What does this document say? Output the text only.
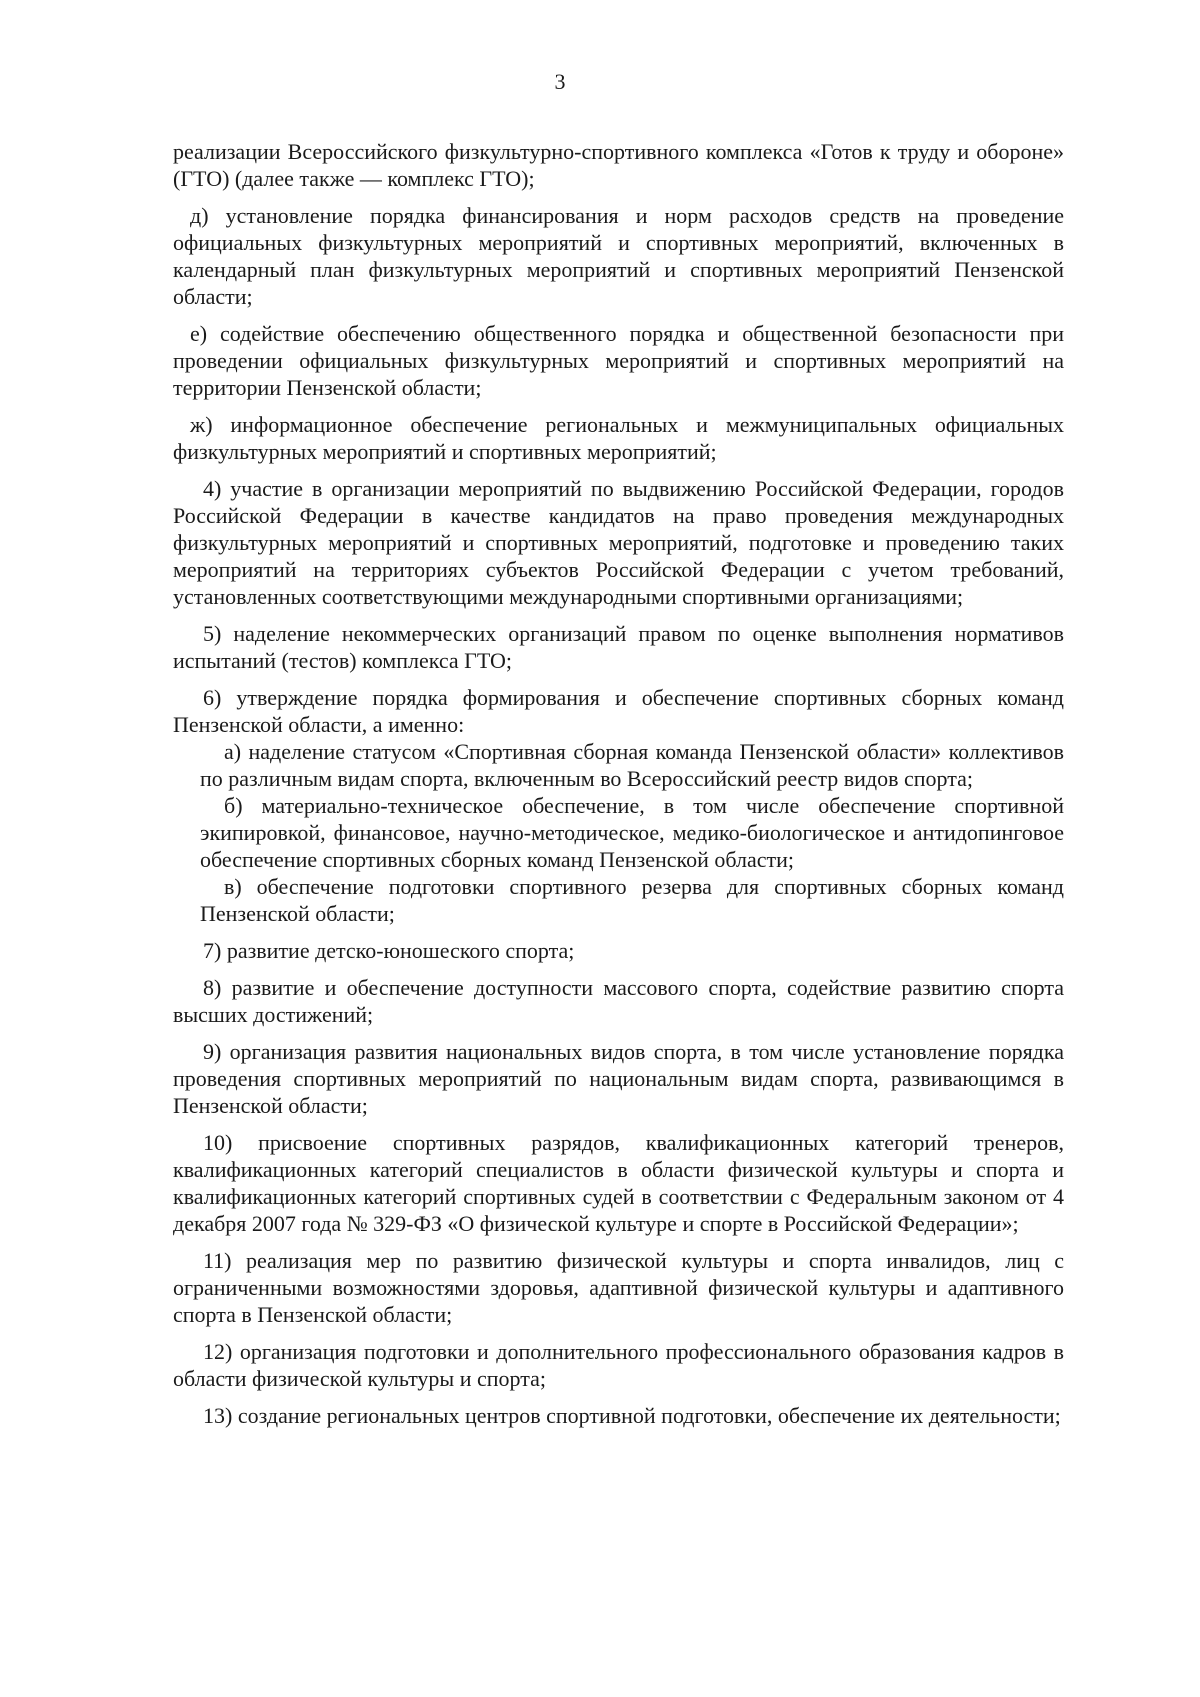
3

реализации Всероссийского физкультурно-спортивного комплекса «Готов к труду и обороне» (ГТО) (далее также — комплекс ГТО);

д) установление порядка финансирования и норм расходов средств на проведение официальных физкультурных мероприятий и спортивных мероприятий, включенных в календарный план физкультурных мероприятий и спортивных мероприятий Пензенской области;

е) содействие обеспечению общественного порядка и общественной безопасности при проведении официальных физкультурных мероприятий и спортивных мероприятий на территории Пензенской области;

ж) информационное обеспечение региональных и межмуниципальных официальных физкультурных мероприятий и спортивных мероприятий;

4) участие в организации мероприятий по выдвижению Российской Федерации, городов Российской Федерации в качестве кандидатов на право проведения международных физкультурных мероприятий и спортивных мероприятий, подготовке и проведению таких мероприятий на территориях субъектов Российской Федерации с учетом требований, установленных соответствующими международными спортивными организациями;

5) наделение некоммерческих организаций правом по оценке выполнения нормативов испытаний (тестов) комплекса ГТО;

6) утверждение порядка формирования и обеспечение спортивных сборных команд Пензенской области, а именно:

а) наделение статусом «Спортивная сборная команда Пензенской области» коллективов по различным видам спорта, включенным во Всероссийский реестр видов спорта;

б) материально-техническое обеспечение, в том числе обеспечение спортивной экипировкой, финансовое, научно-методическое, медико-биологическое и антидопинговое обеспечение спортивных сборных команд Пензенской области;

в) обеспечение подготовки спортивного резерва для спортивных сборных команд Пензенской области;

7) развитие детско-юношеского спорта;

8) развитие и обеспечение доступности массового спорта, содействие развитию спорта высших достижений;

9) организация развития национальных видов спорта, в том числе установление порядка проведения спортивных мероприятий по национальным видам спорта, развивающимся в Пензенской области;

10) присвоение спортивных разрядов, квалификационных категорий тренеров, квалификационных категорий специалистов в области физической культуры и спорта и квалификационных категорий спортивных судей в соответствии с Федеральным законом от 4 декабря 2007 года № 329-ФЗ «О физической культуре и спорте в Российской Федерации»;

11) реализация мер по развитию физической культуры и спорта инвалидов, лиц с ограниченными возможностями здоровья, адаптивной физической культуры и адаптивного спорта в Пензенской области;

12) организация подготовки и дополнительного профессионального образования кадров в области физической культуры и спорта;

13) создание региональных центров спортивной подготовки, обеспечение их деятельности;
